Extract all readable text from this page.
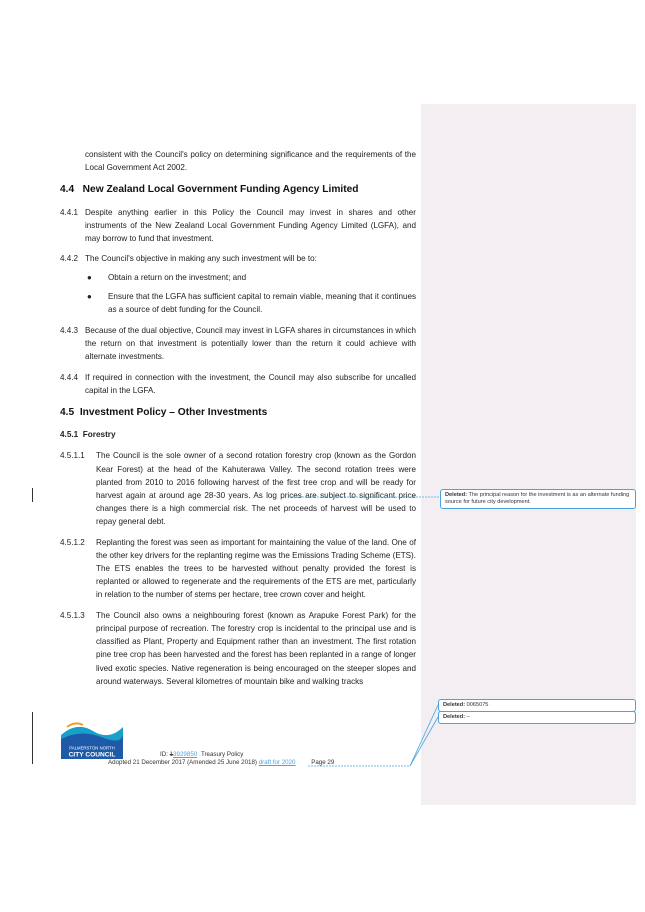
consistent with the Council's policy on determining significance and the requirements of the Local Government Act 2002.

4.4 New Zealand Local Government Funding Agency Limited

4.4.1 Despite anything earlier in this Policy the Council may invest in shares and other instruments of the New Zealand Local Government Funding Agency Limited (LGFA), and may borrow to fund that investment.

4.4.2 The Council's objective in making any such investment will be to:

● Obtain a return on the investment; and
● Ensure that the LGFA has sufficient capital to remain viable, meaning that it continues as a source of debt funding for the Council.

4.4.3 Because of the dual objective, Council may invest in LGFA shares in circumstances in which the return on that investment is potentially lower than the return it could achieve with alternate investments.

4.4.4 If required in connection with the investment, the Council may also subscribe for uncalled capital in the LGFA.

4.5 Investment Policy – Other Investments
4.5.1 Forestry

4.5.1.1 The Council is the sole owner of a second rotation forestry crop (known as the Gordon Kear Forest) at the head of the Kahuterawa Valley. The second rotation trees were planted from 2010 to 2016 following harvest of the first tree crop and will be ready for harvest again at around age 28-30 years. As log prices are subject to significant price changes there is a high commercial risk. The net proceeds of harvest will be used to repay general debt.

4.5.1.2 Replanting the forest was seen as important for maintaining the value of the land. One of the other key drivers for the replanting regime was the Emissions Trading Scheme (ETS). The ETS enables the trees to be harvested without penalty provided the forest is replanted or allowed to regenerate and the requirements of the ETS are met, particularly in relation to the number of stems per hectare, tree crown cover and height.

4.5.1.3 The Council also owns a neighbouring forest (known as Arapuke Forest Park) for the principal purpose of recreation. The forestry crop is incidental to the principal use and is classified as Plant, Property and Equipment rather than an investment. The first rotation pine tree crop has been harvested and the forest has been replanted in a range of longer lived exotic species. Native regeneration is being encouraged on the steeper slopes and around waterways. Several kilometres of mountain bike and walking tracks

Deleted: The principal reason for the investment is as an alternate funding source for future city development.
Deleted: 0065075
Deleted: –
PALMERSTON NORTH
CITY COUNCIL	ID: 13929850 Treasury Policy
Adopted 21 December 2017 (Amended 25 June 2018) draft for 2020	Page 29
